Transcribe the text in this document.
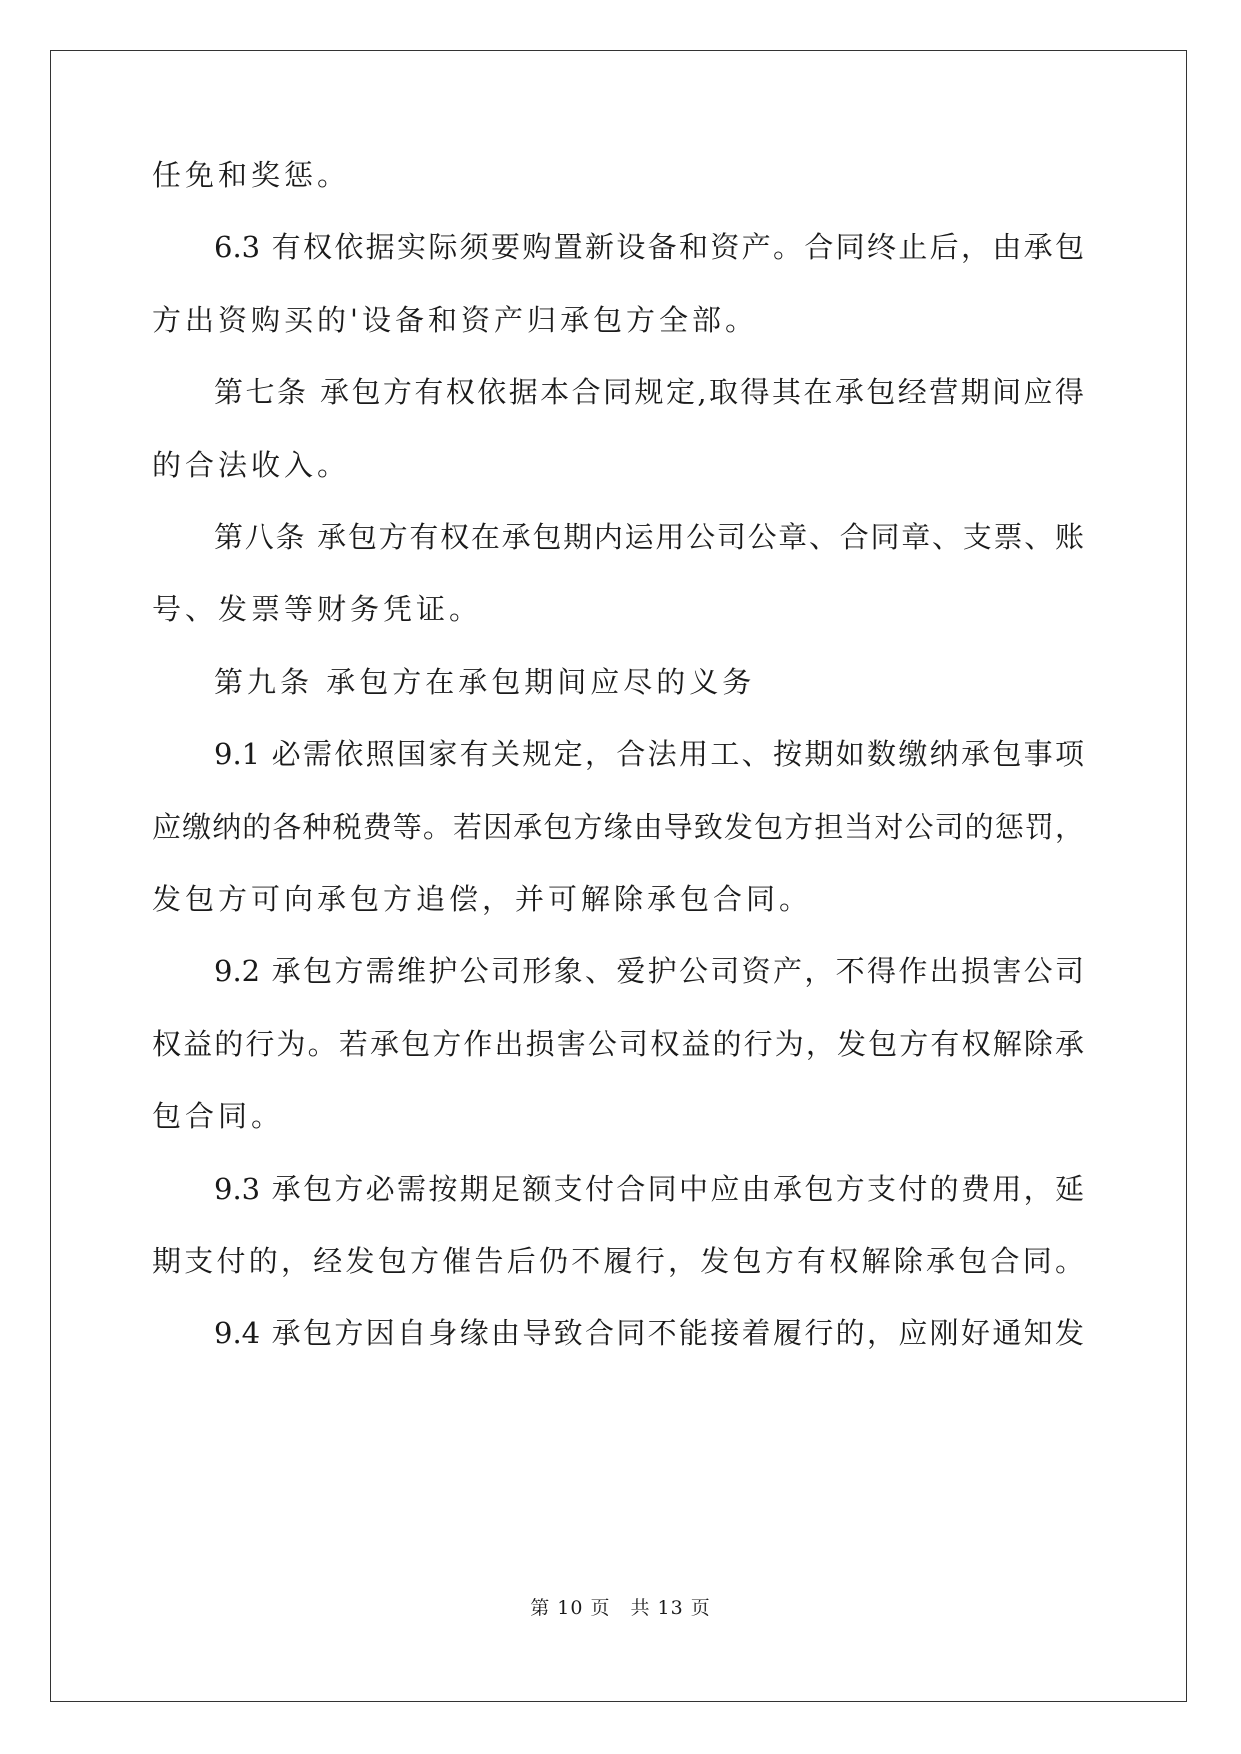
任免和奖惩。
6.3 有权依据实际须要购置新设备和资产。合同终止后，由承包
方出资购买的'设备和资产归承包方全部。
第七条 承包方有权依据本合同规定,取得其在承包经营期间应得
的合法收入。
第八条 承包方有权在承包期内运用公司公章、合同章、支票、账
号、发票等财务凭证。
第九条 承包方在承包期间应尽的义务
9.1 必需依照国家有关规定，合法用工、按期如数缴纳承包事项
应缴纳的各种税费等。若因承包方缘由导致发包方担当对公司的惩罚，
发包方可向承包方追偿，并可解除承包合同。
9.2 承包方需维护公司形象、爱护公司资产，不得作出损害公司
权益的行为。若承包方作出损害公司权益的行为，发包方有权解除承
包合同。
9.3 承包方必需按期足额支付合同中应由承包方支付的费用，延
期支付的，经发包方催告后仍不履行，发包方有权解除承包合同。
9.4 承包方因自身缘由导致合同不能接着履行的，应刚好通知发
第 10 页　共 13 页
